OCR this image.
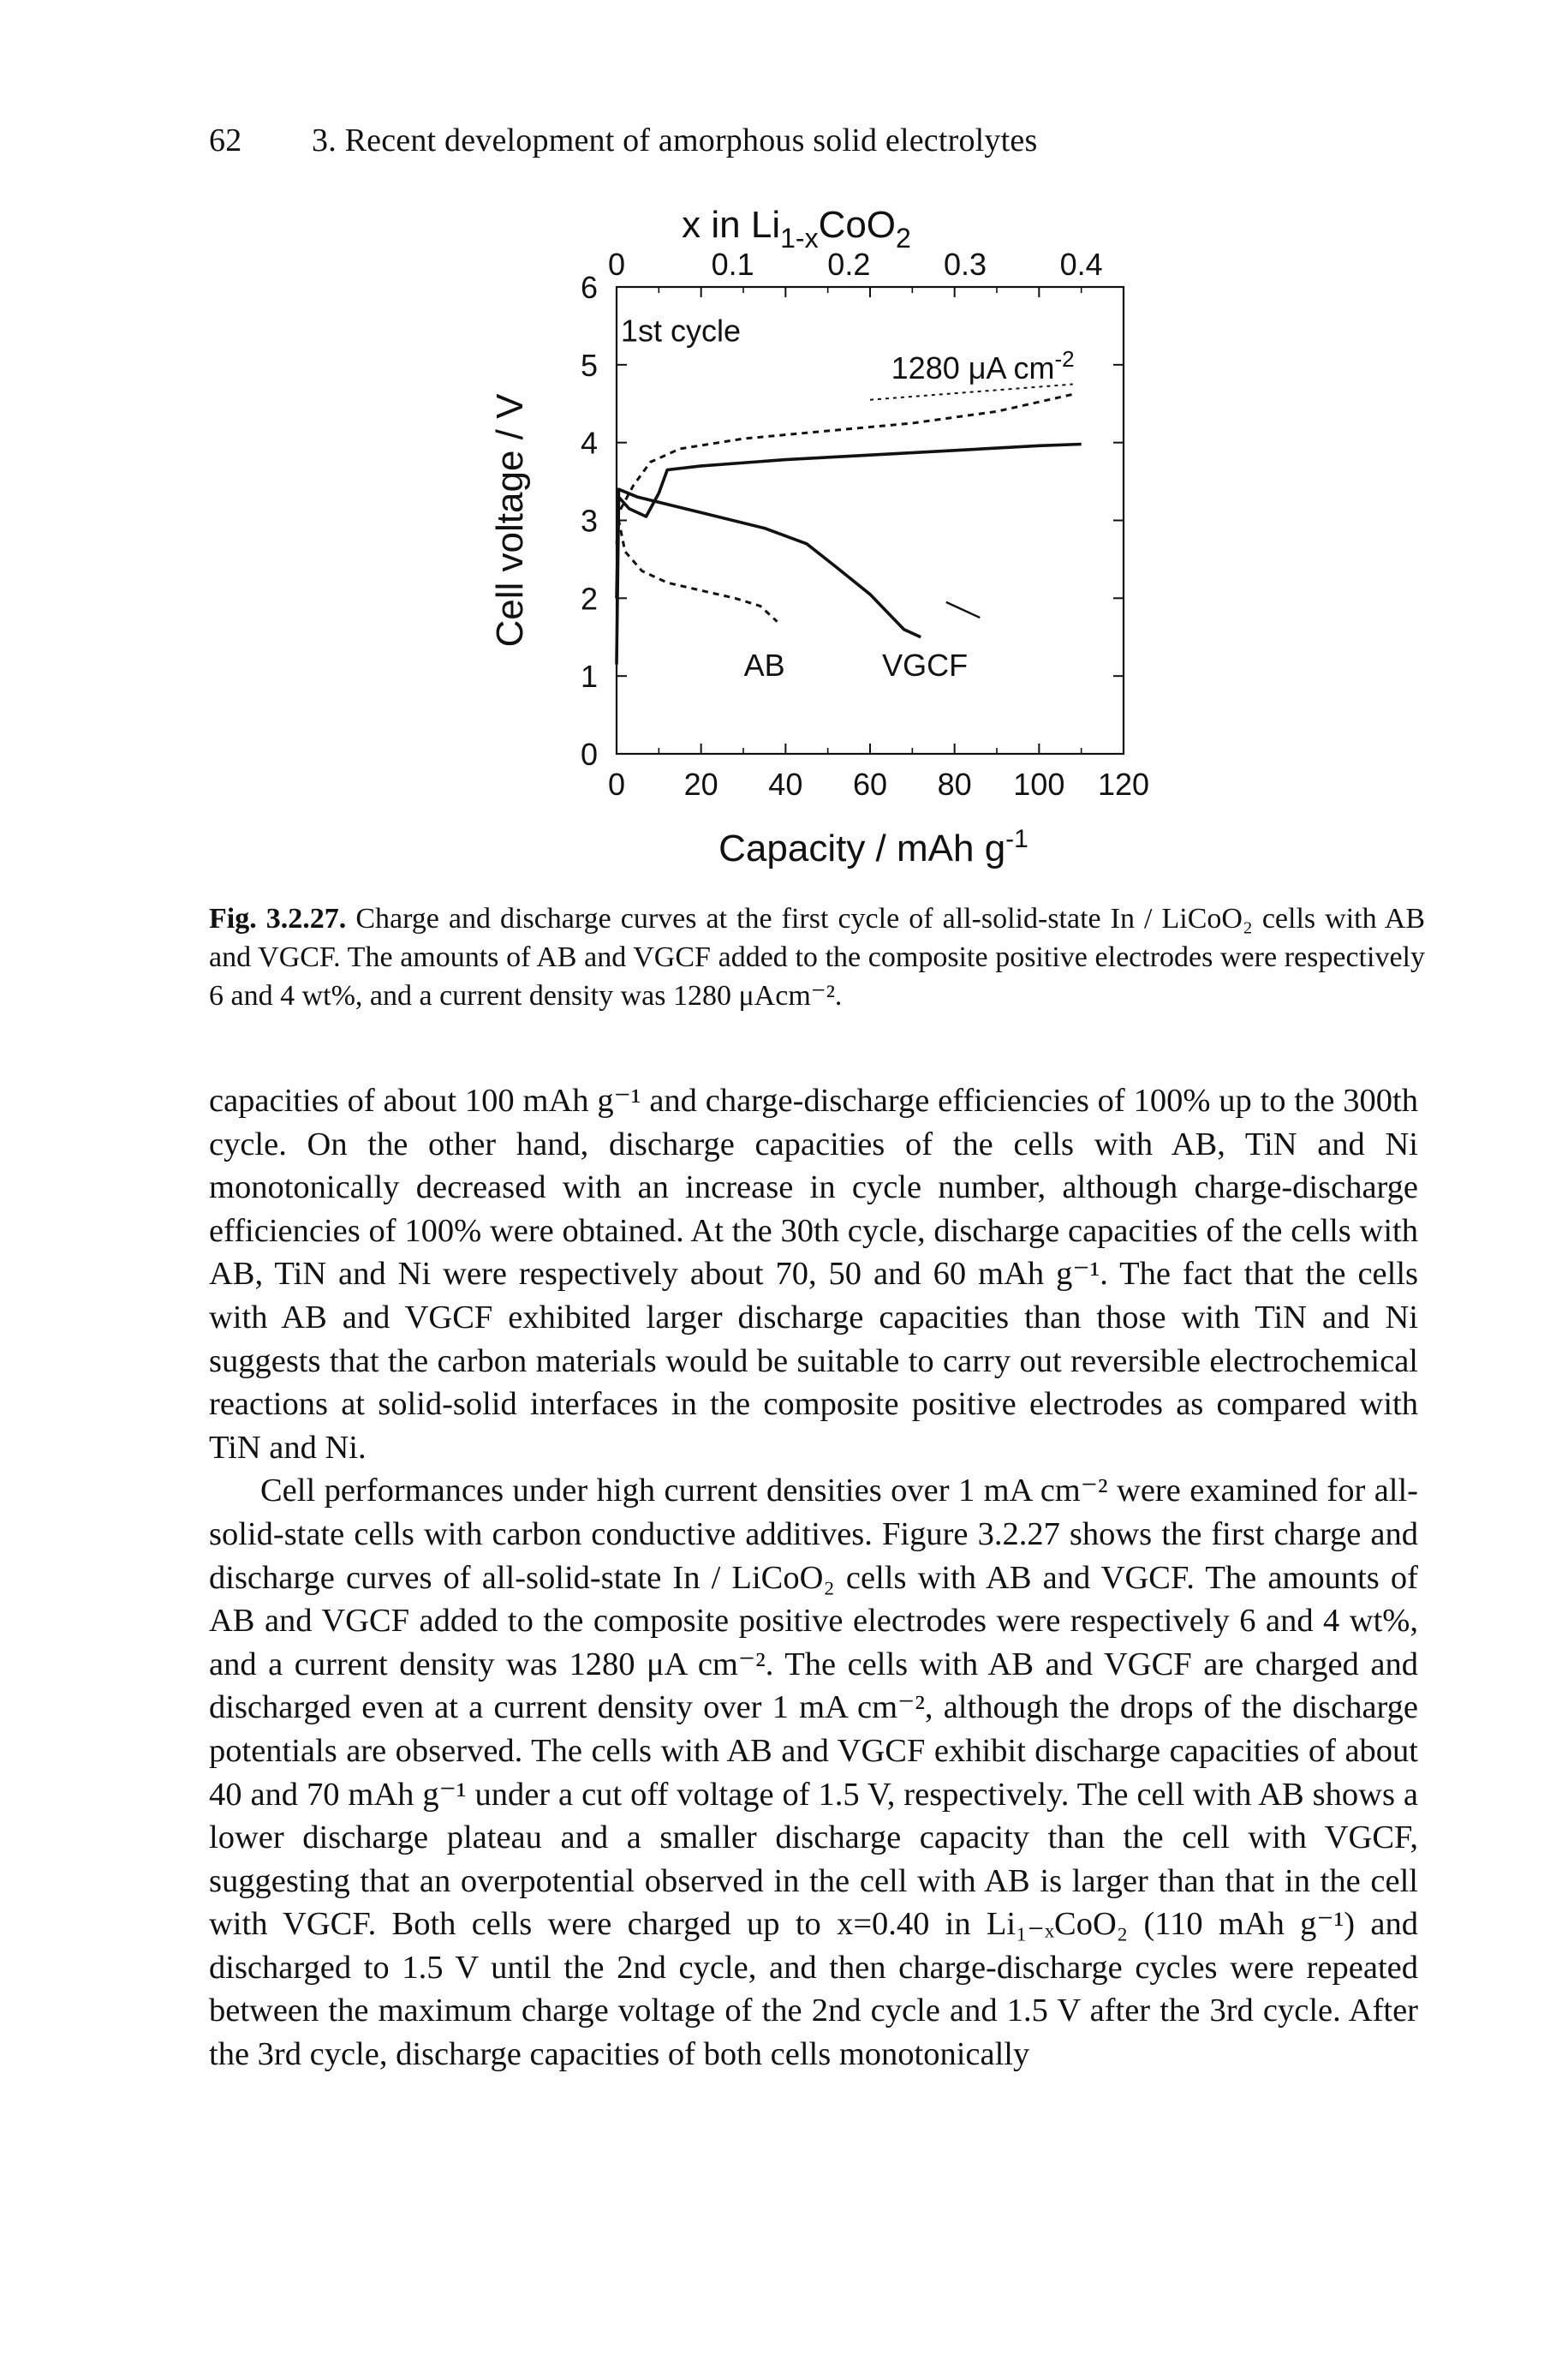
62 3. Recent development of amorphous solid electrolytes
0 20 40 60 80 100 120
0	0.1 0.2 0.3 0.4
0
1
2
3
4
5
6
x in $Li_{1-x}CoO_2$
Capacity / mAh $g^{-1}$
Cell voltage / V
1st cycle
1280 μA $cm^{-2}$
AB	VGCF
Fig. 3.2.27. Charge and discharge curves at the first cycle of all-solid-state In / LiCoO₂ cells with AB and VGCF. The amounts of AB and VGCF added to the composite positive electrodes were respectively 6 and 4 wt%, and a current density was 1280 μAcm⁻².

capacities of about 100 mAh g⁻¹ and charge-discharge efficiencies of 100% up to the 300th cycle. On the other hand, discharge capacities of the cells with AB, TiN and Ni monotonically decreased with an increase in cycle number, although charge-discharge efficiencies of 100% were obtained. At the 30th cycle, discharge capacities of the cells with AB, TiN and Ni were respectively about 70, 50 and 60 mAh g⁻¹. The fact that the cells with AB and VGCF exhibited larger discharge capacities than those with TiN and Ni suggests that the carbon materials would be suitable to carry out reversible electrochemical reactions at solid-solid interfaces in the composite positive electrodes as compared with TiN and Ni.

Cell performances under high current densities over 1 mA cm⁻² were examined for all-solid-state cells with carbon conductive additives. Figure 3.2.27 shows the first charge and discharge curves of all-solid-state In / LiCoO₂ cells with AB and VGCF. The amounts of AB and VGCF added to the composite positive electrodes were respectively 6 and 4 wt%, and a current density was 1280 μA cm⁻². The cells with AB and VGCF are charged and discharged even at a current density over 1 mA cm⁻², although the drops of the discharge potentials are observed. The cells with AB and VGCF exhibit discharge capacities of about 40 and 70 mAh g⁻¹ under a cut off voltage of 1.5 V, respectively. The cell with AB shows a lower discharge plateau and a smaller discharge capacity than the cell with VGCF, suggesting that an overpotential observed in the cell with AB is larger than that in the cell with VGCF. Both cells were charged up to x=0.40 in Li₁₋ₓCoO₂ (110 mAh g⁻¹) and discharged to 1.5 V until the 2nd cycle, and then charge-discharge cycles were repeated between the maximum charge voltage of the 2nd cycle and 1.5 V after the 3rd cycle. After the 3rd cycle, discharge capacities of both cells monotonically
